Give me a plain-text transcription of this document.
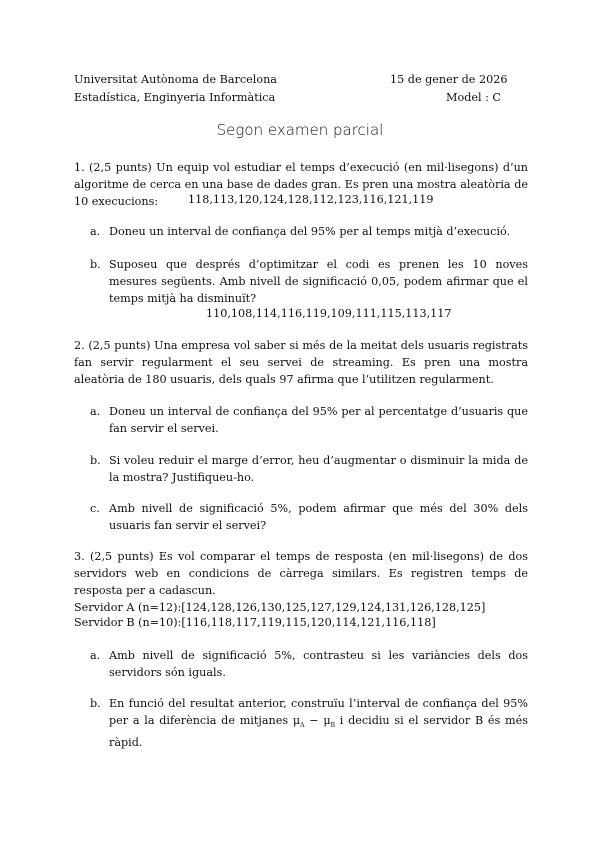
Universitat Autònoma de Barcelona
Estadística, Enginyeria Informàtica
15 de gener de 2026
Model : C
Segon examen parcial
1. (2,5 punts) Un equip vol estudiar el temps d’execució (en mil·lisegons) d’un algoritme de cerca en una base de dades gran. Es pren una mostra aleatòria de 10 execucions:	118,113,120,124,128,112,123,116,121,119
a. Doneu un interval de confiança del 95% per al temps mitjà d’execució.
b. Suposeu que després d’optimitzar el codi es prenen les 10 noves mesures següents. Amb nivell de significació 0,05, podem afirmar que el temps mitjà ha disminuït?
110,108,114,116,119,109,111,115,113,117
2. (2,5 punts) Una empresa vol saber si més de la meitat dels usuaris registrats fan servir regularment el seu servei de streaming. Es pren una mostra aleatòria de 180 usuaris, dels quals 97 afirma que l’utilitzen regularment.
a. Doneu un interval de confiança del 95% per al percentatge d’usuaris que fan servir el servei.
b. Si voleu reduir el marge d’error, heu d’augmentar o disminuir la mida de la mostra? Justifiqueu-ho.
c. Amb nivell de significació 5%, podem afirmar que més del 30% dels usuaris fan servir el servei?
3. (2,5 punts) Es vol comparar el temps de resposta (en mil·lisegons) de dos servidors web en condicions de càrrega similars. Es registren temps de resposta per a cadascun.
Servidor A (n=12):[124,128,126,130,125,127,129,124,131,126,128,125]
Servidor B (n=10):[116,118,117,119,115,120,114,121,116,118]
a. Amb nivell de significació 5%, contrasteu si les variàncies dels dos servidors són iguals.
b. En funció del resultat anterior, construïu l’interval de confiança del 95% per a la diferència de mitjanes $\mu_A - \mu_B$ i decidiu si el servidor B és més ràpid.
